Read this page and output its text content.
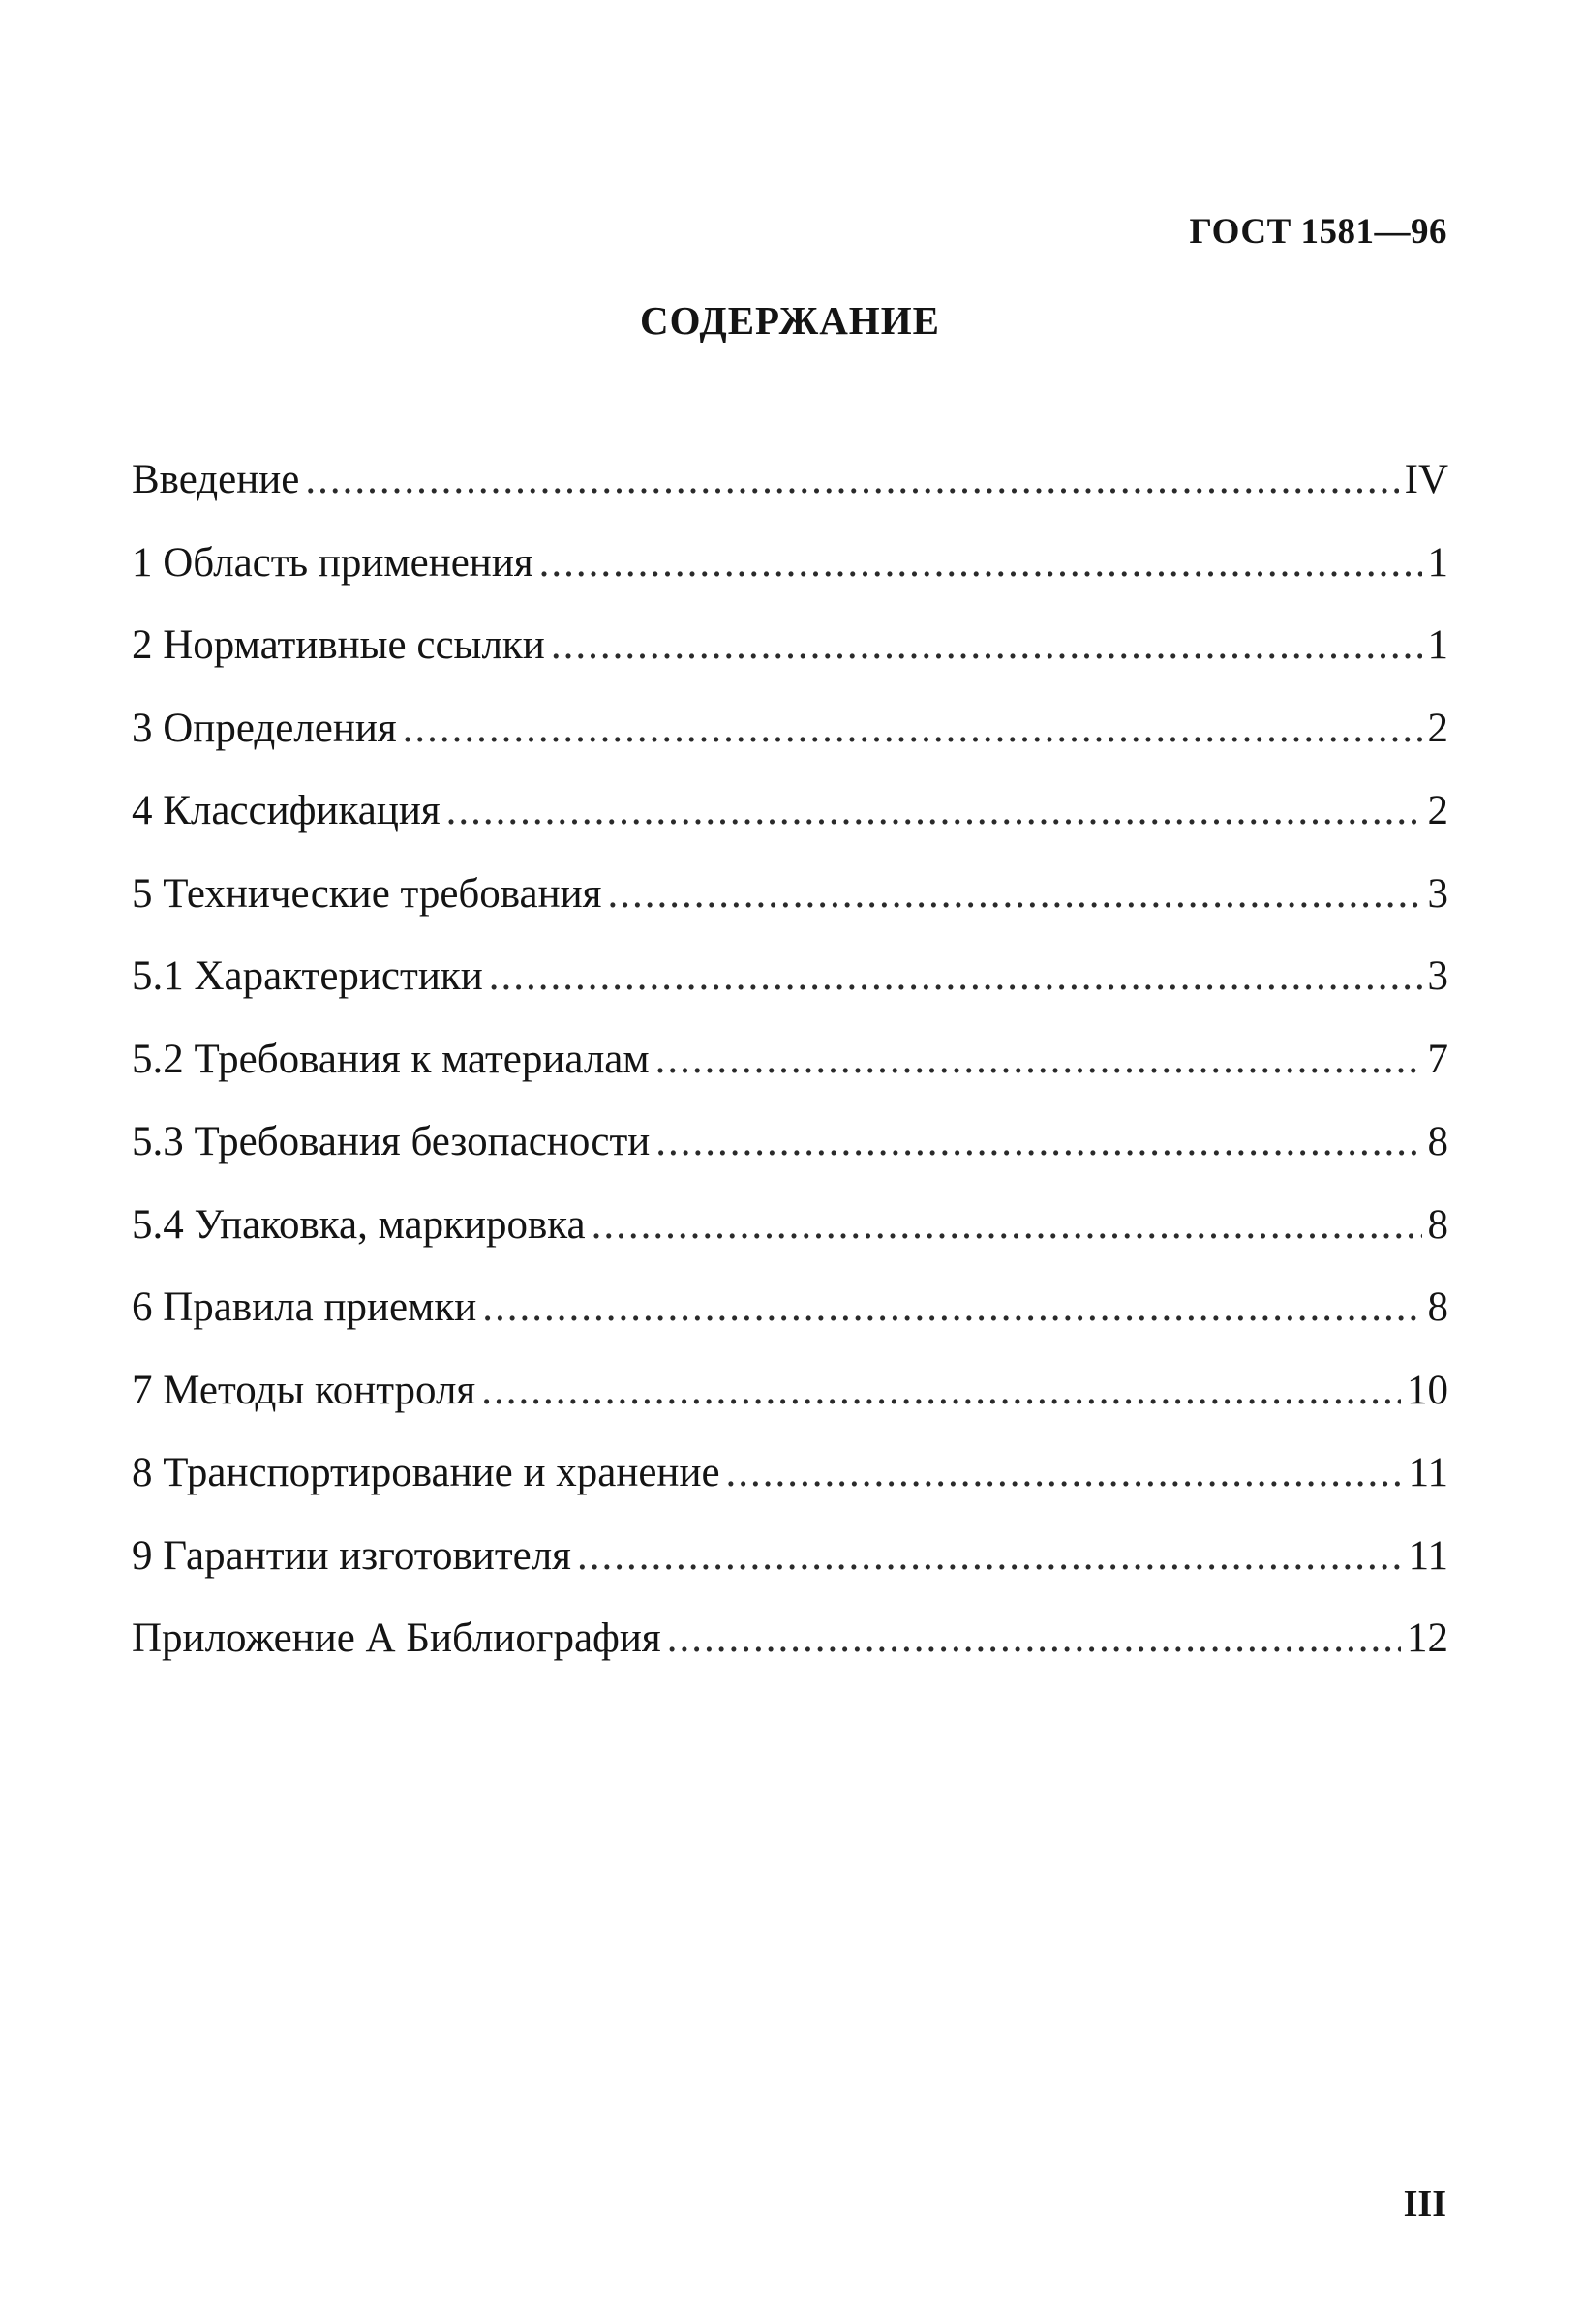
ГОСТ 1581—96
СОДЕРЖАНИЕ
Введение .....	IV
1 Область применения .....	1
2 Нормативные ссылки .....	1
3 Определения .....	2
4 Классификация .....	2
5 Технические требования .....	3
5.1 Характеристики .....	3
5.2 Требования к материалам .....	7
5.3 Требования безопасности .....	8
5.4 Упаковка, маркировка .....	8
6 Правила приемки .....	8
7 Методы контроля .....	10
8 Транспортирование и хранение .....	11
9 Гарантии изготовителя .....	11
Приложение А Библиография .....	12
III
